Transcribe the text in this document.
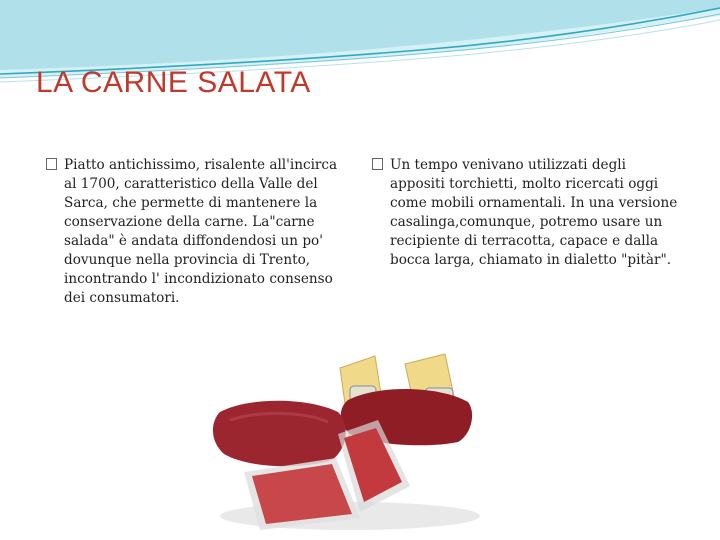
LA CARNE SALATA
Piatto antichissimo, risalente all'incirca al 1700, caratteristico della Valle del Sarca, che permette di mantenere la conservazione della carne. La"carne salada" è andata diffondendosi un po' dovunque nella provincia di Trento, incontrando l' incondizionato consenso dei consumatori.
Un tempo venivano utilizzati degli appositi torchietti, molto ricercati oggi come mobili ornamentali. In una versione casalinga,comunque, potremo usare un recipiente di terracotta, capace e dalla bocca larga, chiamato in dialetto "pitàr".
